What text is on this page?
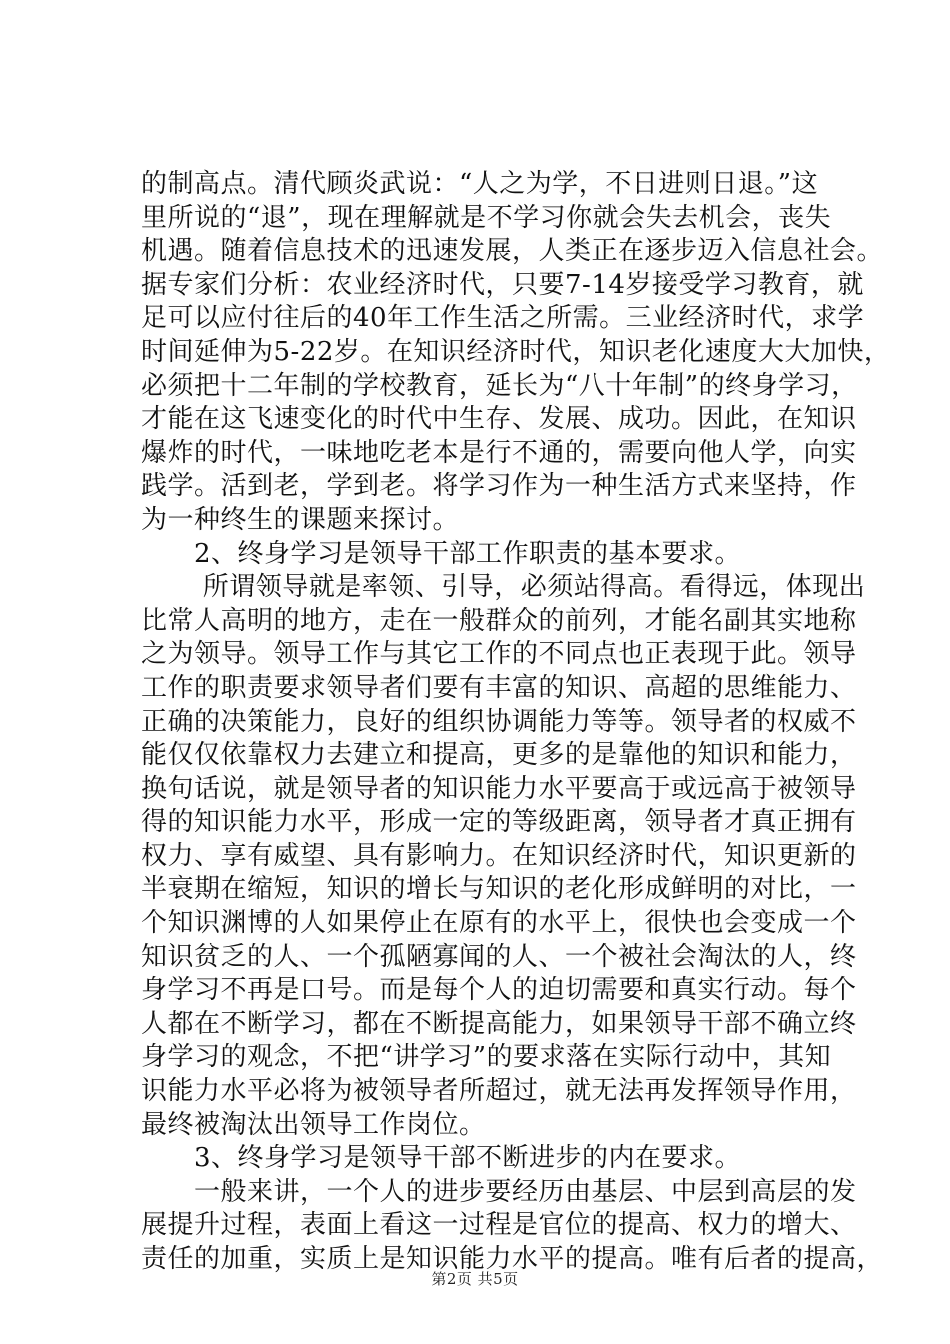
的制高点。清代顾炎武说：“人之为学，不日进则日退。”这
里所说的“退”，现在理解就是不学习你就会失去机会，丧失
机遇。随着信息技术的迅速发展，人类正在逐步迈入信息社会。
据专家们分析：农业经济时代，只要7-14岁接受学习教育，就
足可以应付往后的40年工作生活之所需。三业经济时代，求学
时间延伸为5-22岁。在知识经济时代，知识老化速度大大加快，
必须把十二年制的学校教育，延长为“八十年制”的终身学习，
才能在这飞速变化的时代中生存、发展、成功。因此，在知识
爆炸的时代，一味地吃老本是行不通的，需要向他人学，向实
践学。活到老，学到老。将学习作为一种生活方式来坚持，作
为一种终生的课题来探讨。
　　2、终身学习是领导干部工作职责的基本要求。
　　 所谓领导就是率领、引导，必须站得高。看得远，体现出
比常人高明的地方，走在一般群众的前列，才能名副其实地称
之为领导。领导工作与其它工作的不同点也正表现于此。领导
工作的职责要求领导者们要有丰富的知识、高超的思维能力、
正确的决策能力，良好的组织协调能力等等。领导者的权威不
能仅仅依靠权力去建立和提高，更多的是靠他的知识和能力，
换句话说，就是领导者的知识能力水平要高于或远高于被领导
得的知识能力水平，形成一定的等级距离，领导者才真正拥有
权力、享有威望、具有影响力。在知识经济时代，知识更新的
半衰期在缩短，知识的增长与知识的老化形成鲜明的对比，一
个知识渊博的人如果停止在原有的水平上，很快也会变成一个
知识贫乏的人、一个孤陋寡闻的人、一个被社会淘汰的人，终
身学习不再是口号。而是每个人的迫切需要和真实行动。每个
人都在不断学习，都在不断提高能力，如果领导干部不确立终
身学习的观念，不把“讲学习”的要求落在实际行动中，其知
识能力水平必将为被领导者所超过，就无法再发挥领导作用，
最终被淘汰出领导工作岗位。
　　3、终身学习是领导干部不断进步的内在要求。
　　一般来讲，一个人的进步要经历由基层、中层到高层的发
展提升过程，表面上看这一过程是官位的提高、权力的增大、
责任的加重，实质上是知识能力水平的提高。唯有后者的提高，
第2页 共5页
